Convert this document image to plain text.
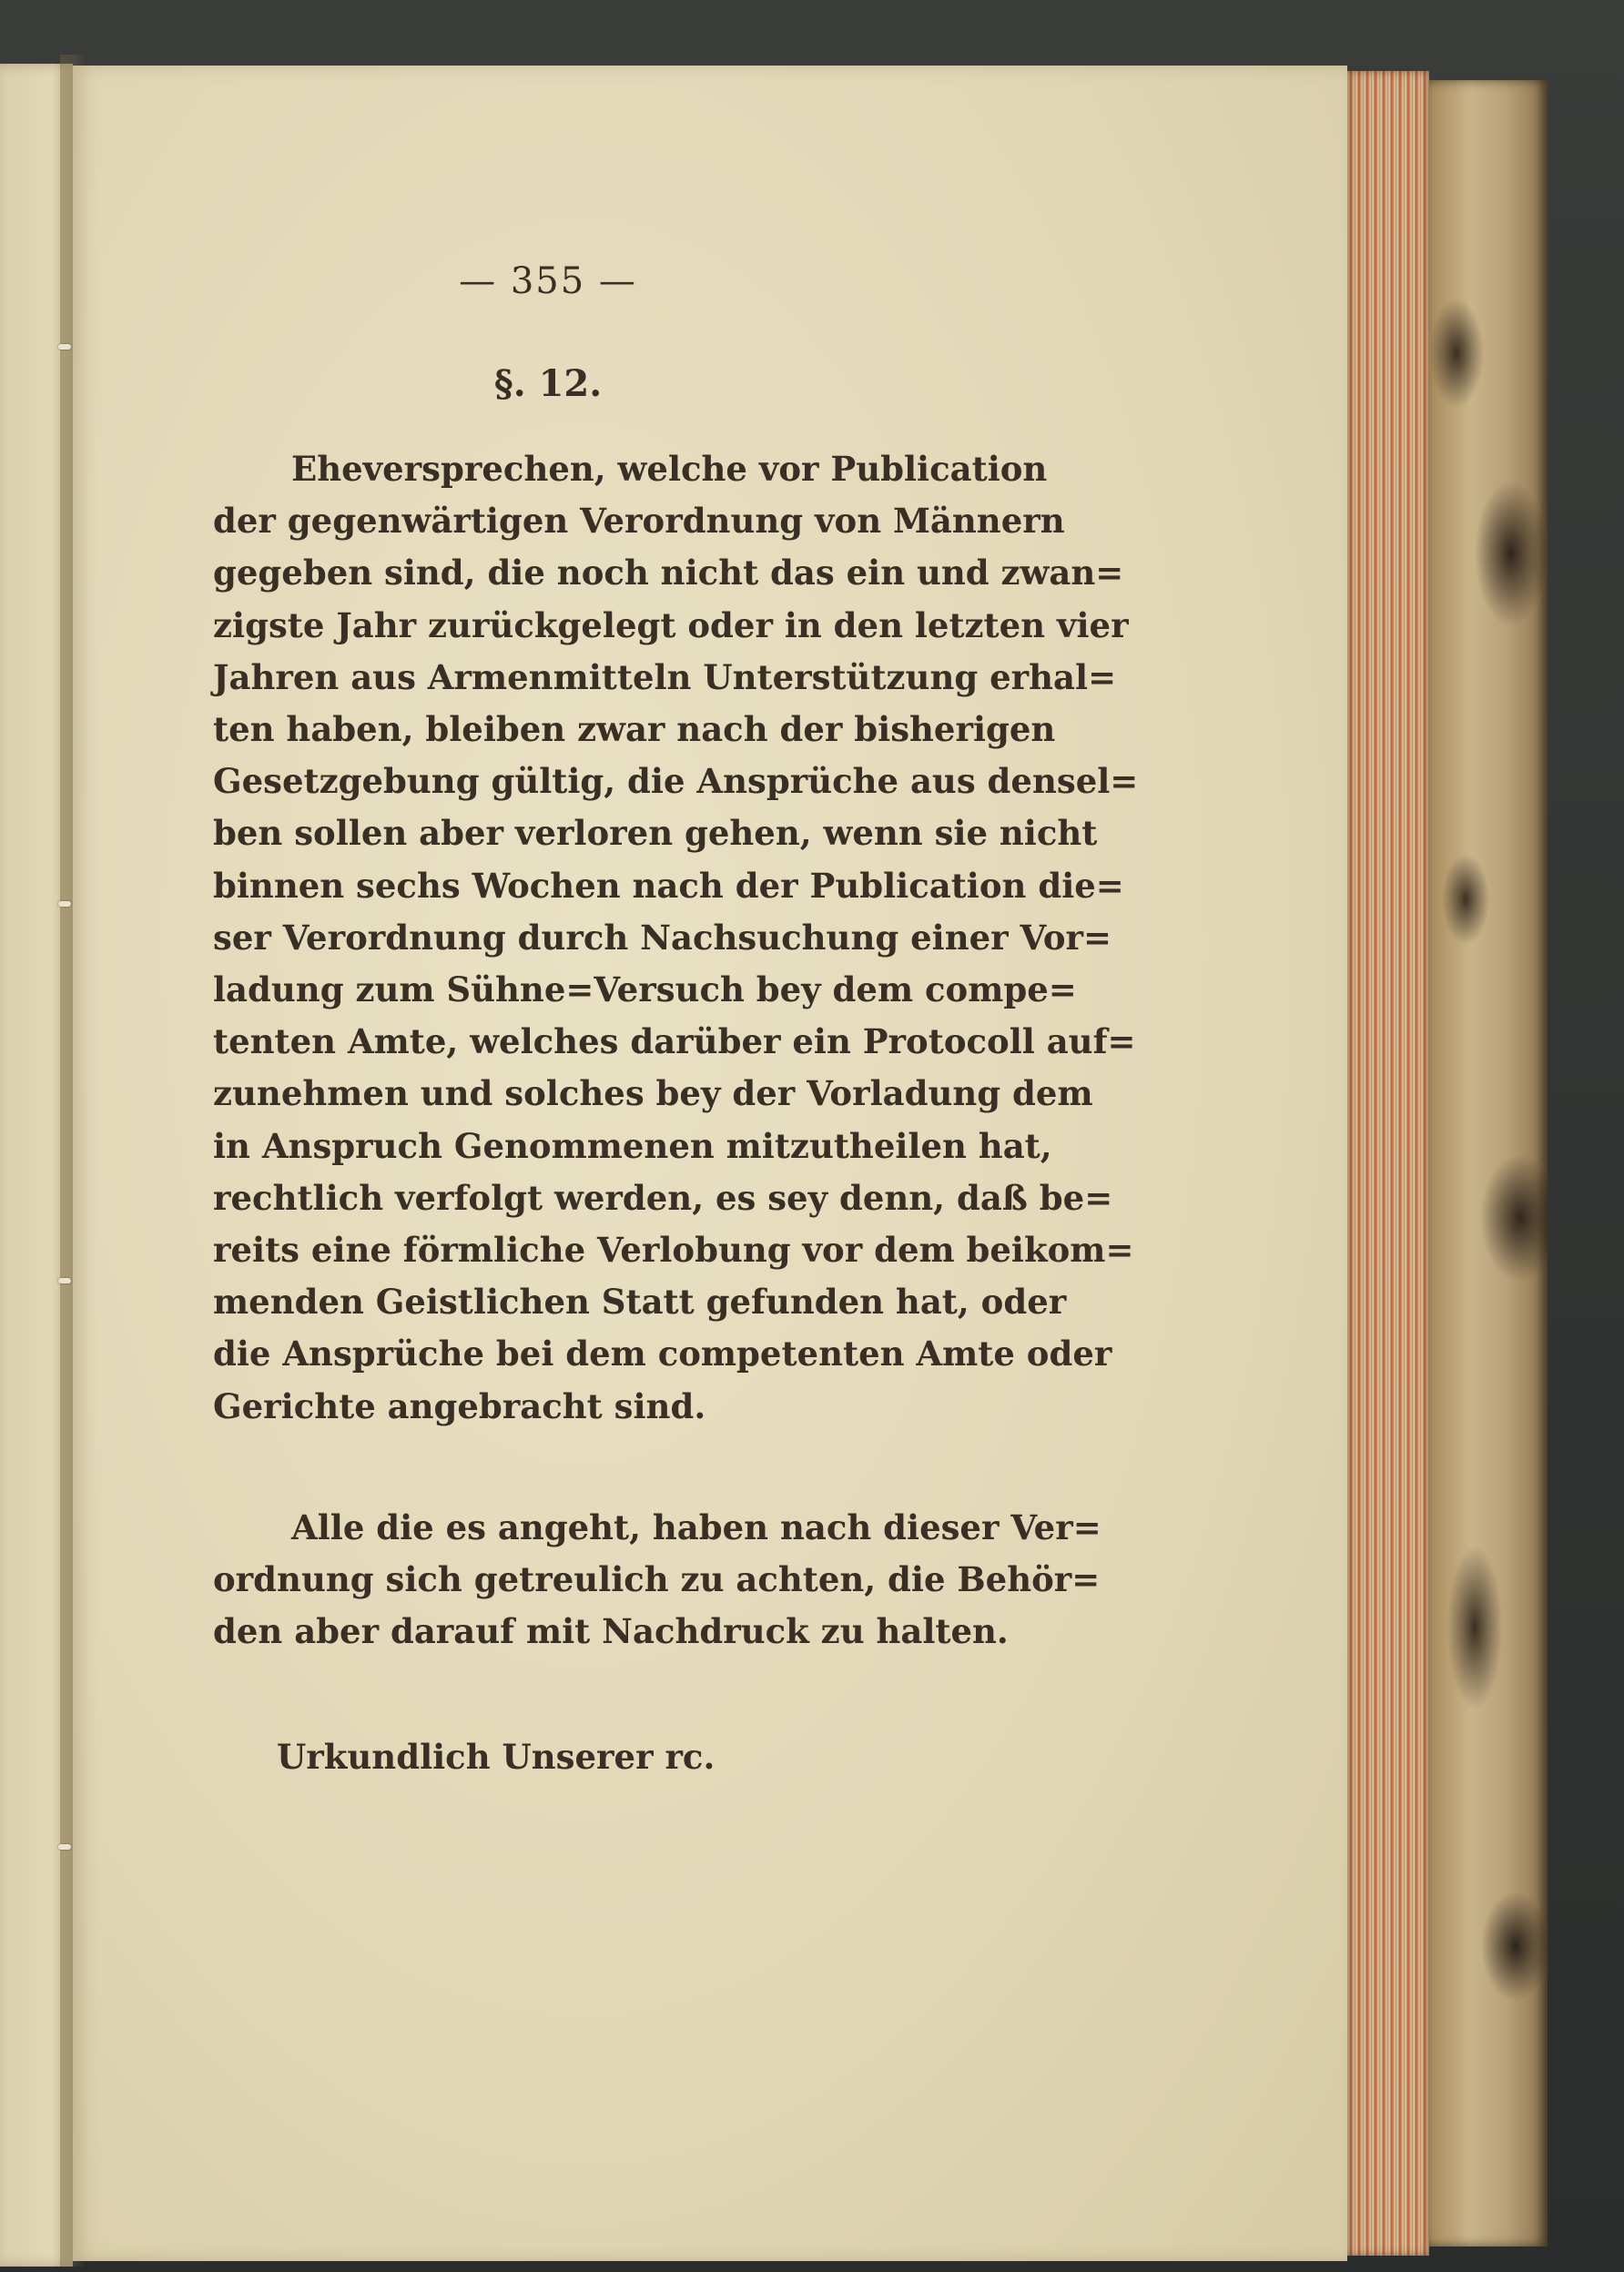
— 355 —
§. 12.
Eheversprechen, welche vor Publication
der gegenwärtigen Verordnung von Männern
gegeben sind, die noch nicht das ein und zwan=
zigste Jahr zurückgelegt oder in den letzten vier
Jahren aus Armenmitteln Unterstützung erhal=
ten haben, bleiben zwar nach der bisherigen
Gesetzgebung gültig, die Ansprüche aus densel=
ben sollen aber verloren gehen, wenn sie nicht
binnen sechs Wochen nach der Publication die=
ser Verordnung durch Nachsuchung einer Vor=
ladung zum Sühne=Versuch bey dem compe=
tenten Amte, welches darüber ein Protocoll auf=
zunehmen und solches bey der Vorladung dem
in Anspruch Genommenen mitzutheilen hat,
rechtlich verfolgt werden, es sey denn, daß be=
reits eine förmliche Verlobung vor dem beikom=
menden Geistlichen Statt gefunden hat, oder
die Ansprüche bei dem competenten Amte oder
Gerichte angebracht sind.
Alle die es angeht, haben nach dieser Ver=
ordnung sich getreulich zu achten, die Behör=
den aber darauf mit Nachdruck zu halten.
Urkundlich Unserer rc.
